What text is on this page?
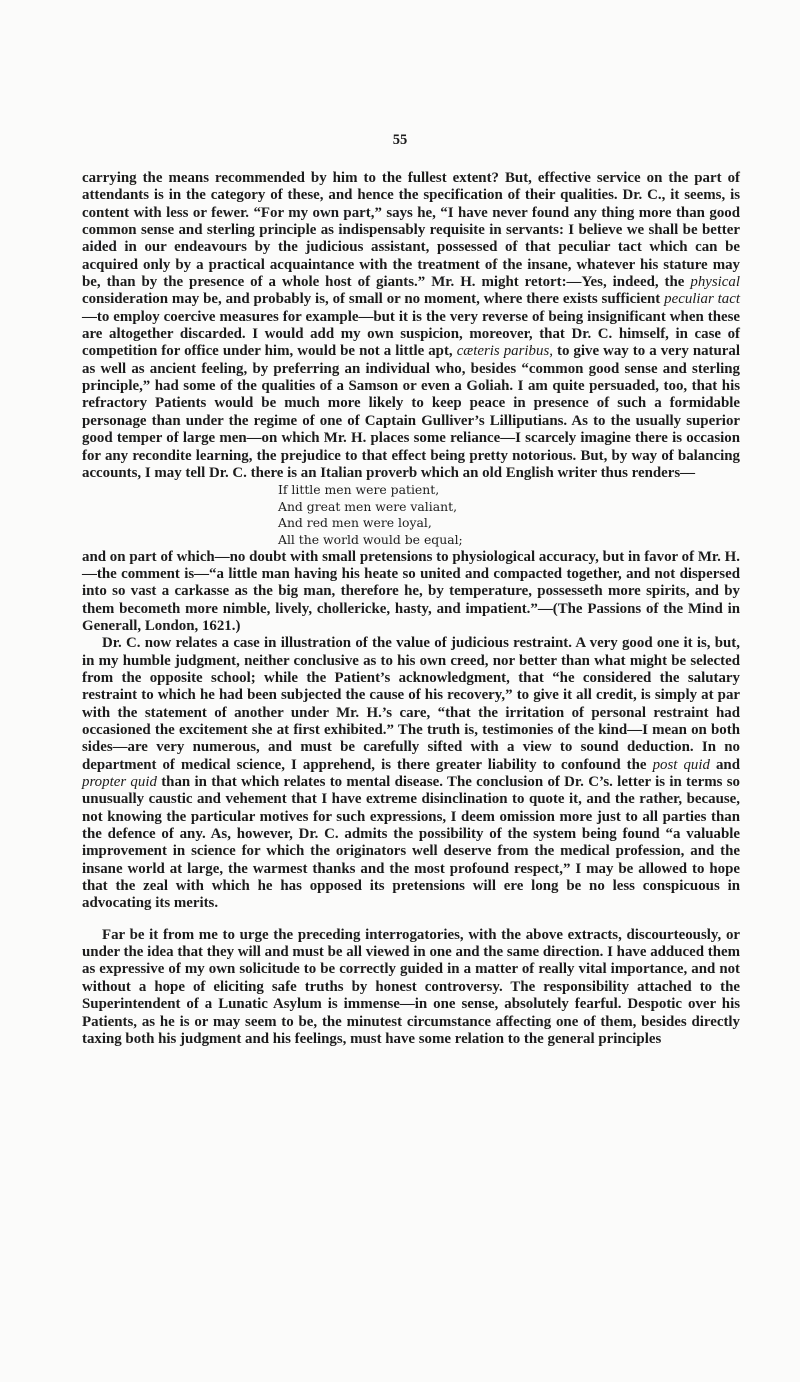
55

carrying the means recommended by him to the fullest extent? But, effective service on the part of attendants is in the category of these, and hence the specification of their qualities. Dr. C., it seems, is content with less or fewer. “For my own part,” says he, “I have never found any thing more than good common sense and sterling principle as indispensably requisite in servants: I believe we shall be better aided in our endeavours by the judicious assistant, possessed of that peculiar tact which can be acquired only by a practical acquaintance with the treatment of the insane, whatever his stature may be, than by the presence of a whole host of giants.” Mr. H. might retort:—Yes, indeed, the physical consideration may be, and probably is, of small or no moment, where there exists sufficient peculiar tact—to employ coercive measures for example—but it is the very reverse of being insignificant when these are altogether discarded. I would add my own suspicion, moreover, that Dr. C. himself, in case of competition for office under him, would be not a little apt, cæteris paribus, to give way to a very natural as well as ancient feeling, by preferring an individual who, besides “common good sense and sterling principle,” had some of the qualities of a Samson or even a Goliah. I am quite persuaded, too, that his refractory Patients would be much more likely to keep peace in presence of such a formidable personage than under the regime of one of Captain Gulliver’s Lilliputians. As to the usually superior good temper of large men—on which Mr. H. places some reliance—I scarcely imagine there is occasion for any recondite learning, the prejudice to that effect being pretty notorious. But, by way of balancing accounts, I may tell Dr. C. there is an Italian proverb which an old English writer thus renders—

If little men were patient,
And great men were valiant,
And red men were loyal,
All the world would be equal;

and on part of which—no doubt with small pretensions to physiological accuracy, but in favor of Mr. H.—the comment is—“a little man having his heate so united and compacted together, and not dispersed into so vast a carkasse as the big man, therefore he, by temperature, possesseth more spirits, and by them becometh more nimble, lively, chollericke, hasty, and impatient.”—(The Passions of the Mind in Generall, London, 1621.)

Dr. C. now relates a case in illustration of the value of judicious restraint. A very good one it is, but, in my humble judgment, neither conclusive as to his own creed, nor better than what might be selected from the opposite school; while the Patient’s acknowledgment, that “he considered the salutary restraint to which he had been subjected the cause of his recovery,” to give it all credit, is simply at par with the statement of another under Mr. H.’s care, “that the irritation of personal restraint had occasioned the excitement she at first exhibited.” The truth is, testimonies of the kind—I mean on both sides—are very numerous, and must be carefully sifted with a view to sound deduction. In no department of medical science, I apprehend, is there greater liability to confound the post quid and propter quid than in that which relates to mental disease. The conclusion of Dr. C’s. letter is in terms so unusually caustic and vehement that I have extreme disinclination to quote it, and the rather, because, not knowing the particular motives for such expressions, I deem omission more just to all parties than the defence of any. As, however, Dr. C. admits the possibility of the system being found “a valuable improvement in science for which the originators well deserve from the medical profession, and the insane world at large, the warmest thanks and the most profound respect,” I may be allowed to hope that the zeal with which he has opposed its pretensions will ere long be no less conspicuous in advocating its merits.

Far be it from me to urge the preceding interrogatories, with the above extracts, discourteously, or under the idea that they will and must be all viewed in one and the same direction. I have adduced them as expressive of my own solicitude to be correctly guided in a matter of really vital importance, and not without a hope of eliciting safe truths by honest controversy. The responsibility attached to the Superintendent of a Lunatic Asylum is immense—in one sense, absolutely fearful. Despotic over his Patients, as he is or may seem to be, the minutest circumstance affecting one of them, besides directly taxing both his judgment and his feelings, must have some relation to the general principles
